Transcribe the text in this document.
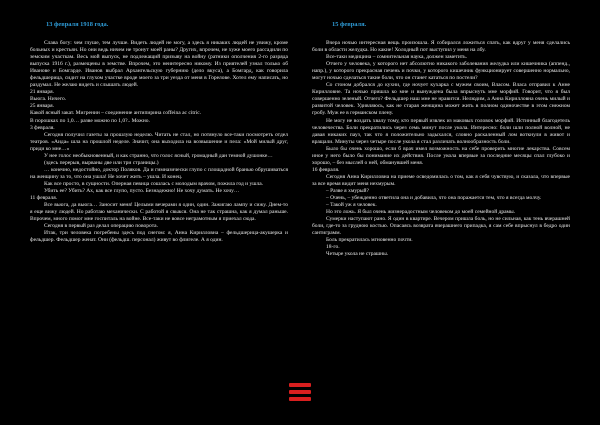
13 февраля 1918 года.

Слава богу: чем глуше, тем лучше. Видеть людей не могу, а здесь я никаких людей не увижу, кроме больных и крестьян. Но они ведь ничем не тронут моей раны? Других, впрочем, не хуже моего рассадили по земским участкам. Весь мой выпуск, не подлежащий призыву на войну (ратники ополчения 2-го разряда выпуска 1916 г.), размещены в земстве. Впрочем, это неинтересно никому. Из приятелей узнал только об Иванове и Бомгарде. Иванов выбрал Архангельскую губернию (дело вкуса), а Бомгард, как говорила фельдшерица, сидит на глухом участке вроде моего за три уезда от меня в Горелове. Хотел ему написать, но раздумал. Не желаю видеть и слышать людей.

21 января.

Вьюга. Ничего.

25 января.

Какой ясный закат. Мигренин – соединение антипирина coffeina ac citric.

В порошках по 1,0… разве можно по 1,0?.. Можно.

3 февраля.

Сегодня получил газеты за прошлую неделю. Читать не стал, но потянуло все-таки посмотреть отдел театров. «Аида» шла на прошлой неделе. Значит, она выходила на возвышение и пела: «Мой милый друг, приди ко мне…»

У нее голос необыкновенный, и как странно, что голос ясный, громадный дан темной душонке…

(здесь перерыв, вырваны две или три страницы.)

… конечно, недостойно, доктор Поляков. Да и гимназически глупо с площадной бранью обрушиваться на женщину за то, что она ушла! Не хочет жить – ушла. И конец.

Как все просто, в сущности. Оперная певица сошлась с молодым врачом, пожила год и ушла.

Убить ее? Убить? Ах, как все глупо, пусто. Безнадежно! Не хочу думать. Не хочу…

11 февраля.

Все вьюга, да вьюга… Заносит меня! Целыми вечерами я один, один. Зажигаю лампу и сижу. Днем-то я еще вижу людей. Но работаю механически. С работой я свыкся. Она не так страшна, как я думал раньше. Впрочем, много помог мне госпиталь на войне. Все-таки не вовсе неграмотным я приехал сюда.

Сегодня в первый раз делал операцию поворота.

Итак, три человека погребены здесь под снегом: я, Анна Кирилловна – фельдшерица-акушерка и фельдшер. Фельдшер женат. Они (фельдш. персонал) живут во флигеле. А я один.

15 февраля.

Вчера ночью интересная вещь произошла. Я собирался ложиться спать, как вдруг у меня сделались боли в области желудка. Но какие! Холодный пот выступил у меня на лбу.

Все-таки медицина – сомнительная наука, должен заметить.

Отчего у человека, у которого нет абсолютно никакого заболевания желудка или кишечника (аппенд., напр.), у которого прекрасная печень и почки, у которого кишечник функционирует совершенно нормально, могут ночью сделаться такие боли, что он станет кататься по постели?

Со стоном добрался до кухни, где ночует кухарка с мужем своим, Власом. Власа отправил к Анне Кирилловне. Та ночью пришла ко мне и вынуждена была впрыснуть мне морфий. Говорит, что я был совершенно зеленый. Отчего? Фельдшер наш мне не нравится. Нелюдим, а Анна Кирилловна очень милый и развитой человек. Удивляюсь, как не старая женщина может жить в полном одиночестве в этом снежном гробу. Муж ее в германском плену.

Не могу не воздать хвалу тому, кто первый извлек из маковых головок морфий. Истинный благодетель человечества. Боли прекратились через семь минут после укола. Интересно: боли шли полной волной, не давая никаких пауз, так что я положительно задыхался, словно раскаленный лом воткнули в живот и вращали. Минуты через четыре после укола я стал различать волнообразность боли.

Было бы очень хорошо, если б врач имел возможность на себе проверить многие лекарства. Совсем иное у него было бы понимание их действия. После укола впервые за последние месяцы спал глубоко и хорошо, – без мыслей о ней, обманувшей меня.

16 февраля.

Сегодня Анна Кирилловна на приеме осведомилась о том, как я себя чувствую, и сказала, что впервые за все время видит меня нехмурым.

– Разве я хмурый?

– Очень, – убежденно ответила она и добавила, что она поражается тем, что я всегда молчу.

– Такой уж я человек.

Но это ложь. Я был очень жизнерадостным человеком до моей семейной драмы.

Сумерки наступают рано. Я один в квартире. Вечером пришла боль, но не сильная, как тень вчерашней боли, где-то за грудною костью. Опасаясь возврата вчерашнего припадка, я сам себе впрыснул в бедро один сантиграмм.

Боль прекратилась мгновенно почти.

18-го.

Четыре укола не страшны.
